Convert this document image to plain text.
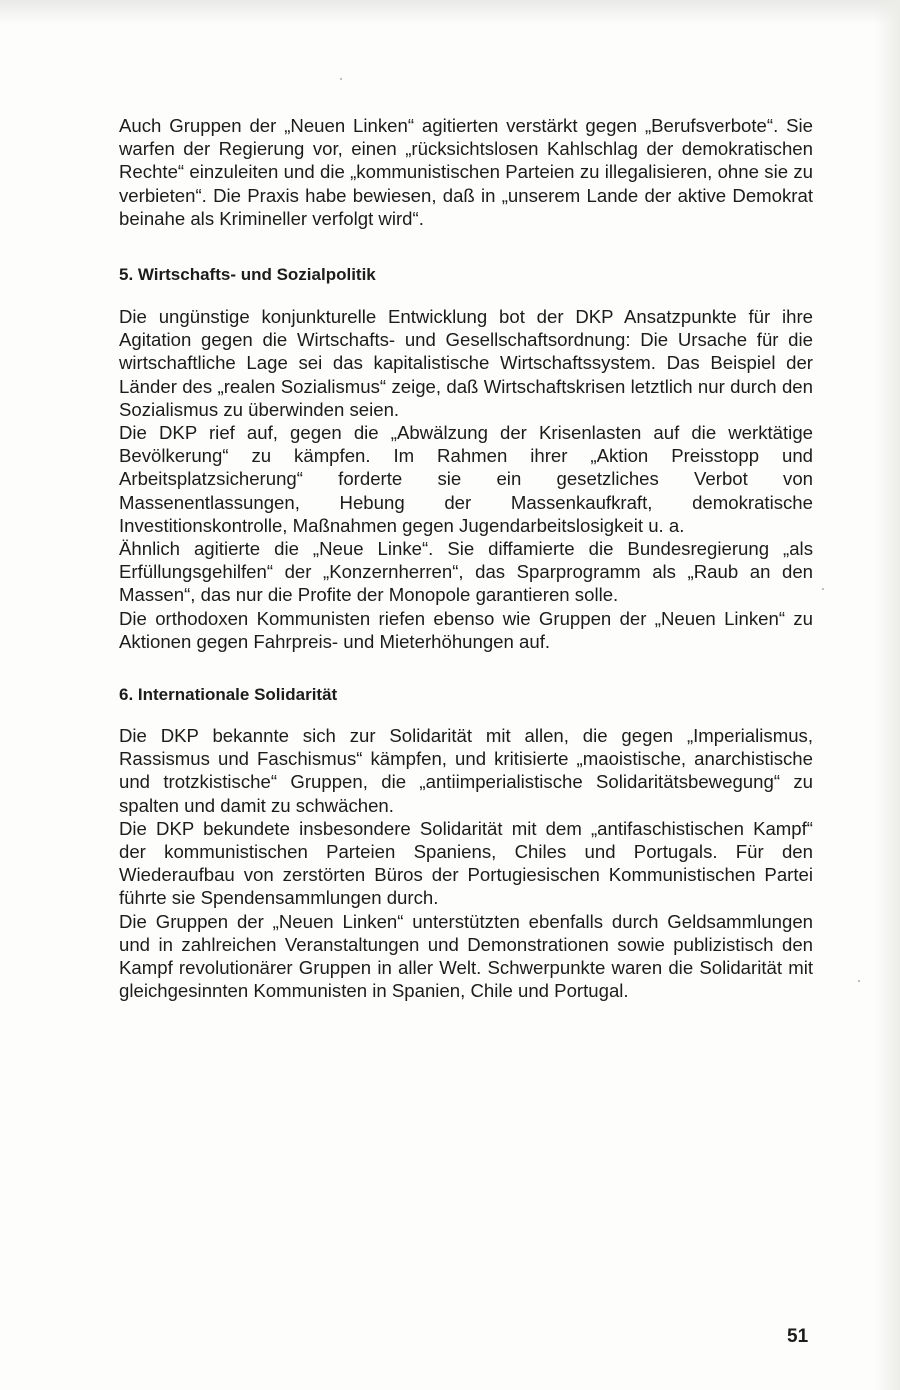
Auch Gruppen der „Neuen Linken“ agitierten verstärkt gegen „Berufsverbote“. Sie warfen der Regierung vor, einen „rücksichtslosen Kahlschlag der demokratischen Rechte“ einzuleiten und die „kommunistischen Parteien zu illegalisieren, ohne sie zu verbieten“. Die Praxis habe bewiesen, daß in „unserem Lande der aktive Demokrat beinahe als Krimineller verfolgt wird“.

5. Wirtschafts- und Sozialpolitik

Die ungünstige konjunkturelle Entwicklung bot der DKP Ansatzpunkte für ihre Agitation gegen die Wirtschafts- und Gesellschaftsordnung: Die Ursache für die wirtschaftliche Lage sei das kapitalistische Wirtschaftssystem. Das Beispiel der Länder des „realen Sozialismus“ zeige, daß Wirtschaftskrisen letztlich nur durch den Sozialismus zu überwinden seien.

Die DKP rief auf, gegen die „Abwälzung der Krisenlasten auf die werktätige Bevölkerung“ zu kämpfen. Im Rahmen ihrer „Aktion Preisstopp und Arbeitsplatzsicherung“ forderte sie ein gesetzliches Verbot von Massenentlassungen, Hebung der Massenkaufkraft, demokratische Investitionskontrolle, Maßnahmen gegen Jugendarbeitslosigkeit u. a.

Ähnlich agitierte die „Neue Linke“. Sie diffamierte die Bundesregierung „als Erfüllungsgehilfen“ der „Konzernherren“, das Sparprogramm als „Raub an den Massen“, das nur die Profite der Monopole garantieren solle.

Die orthodoxen Kommunisten riefen ebenso wie Gruppen der „Neuen Linken“ zu Aktionen gegen Fahrpreis- und Mieterhöhungen auf.

6. Internationale Solidarität

Die DKP bekannte sich zur Solidarität mit allen, die gegen „Imperialismus, Rassismus und Faschismus“ kämpfen, und kritisierte „maoistische, anarchistische und trotzkistische“ Gruppen, die „antiimperialistische Solidaritätsbewegung“ zu spalten und damit zu schwächen.

Die DKP bekundete insbesondere Solidarität mit dem „antifaschistischen Kampf“ der kommunistischen Parteien Spaniens, Chiles und Portugals. Für den Wiederaufbau von zerstörten Büros der Portugiesischen Kommunistischen Partei führte sie Spendensammlungen durch.

Die Gruppen der „Neuen Linken“ unterstützten ebenfalls durch Geldsammlungen und in zahlreichen Veranstaltungen und Demonstrationen sowie publizistisch den Kampf revolutionärer Gruppen in aller Welt. Schwerpunkte waren die Solidarität mit gleichgesinnten Kommunisten in Spanien, Chile und Portugal.

51
